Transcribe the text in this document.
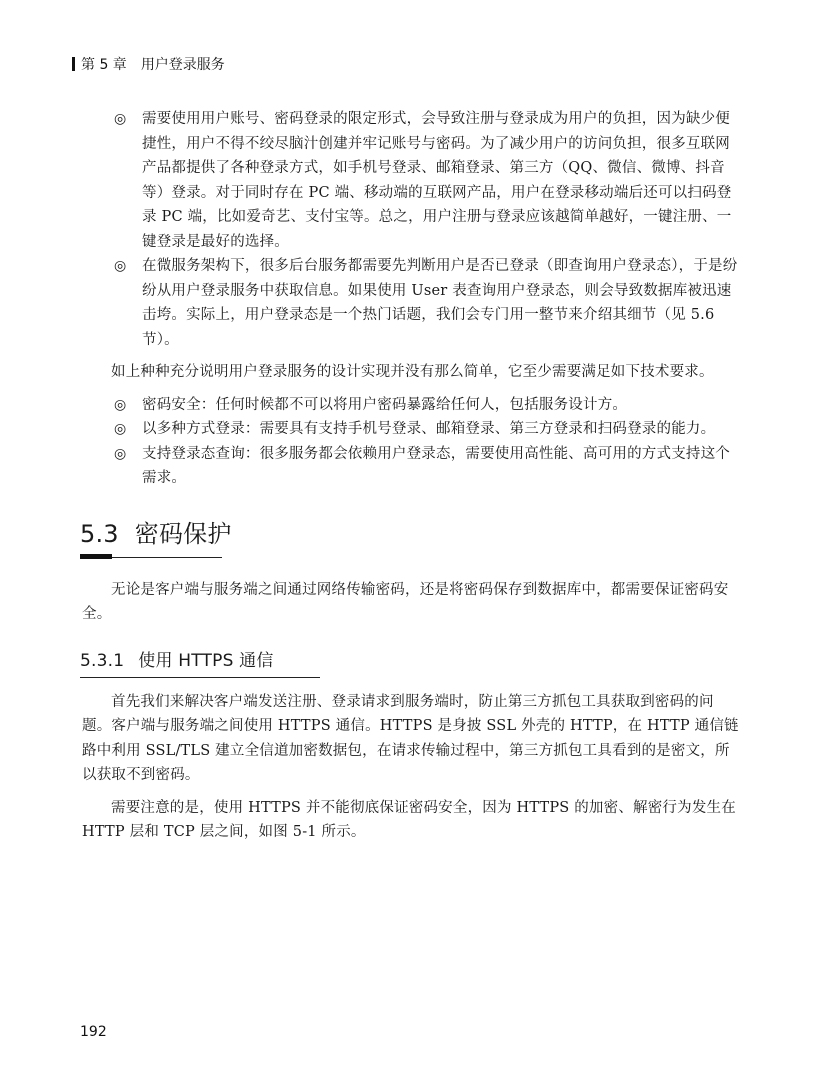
第 5 章 用户登录服务

◎ 需要使用用户账号、密码登录的限定形式，会导致注册与登录成为用户的负担，因为缺少便捷性，用户不得不绞尽脑汁创建并牢记账号与密码。为了减少用户的访问负担，很多互联网产品都提供了各种登录方式，如手机号登录、邮箱登录、第三方（QQ、微信、微博、抖音等）登录。对于同时存在 PC 端、移动端的互联网产品，用户在登录移动端后还可以扫码登录 PC 端，比如爱奇艺、支付宝等。总之，用户注册与登录应该越简单越好，一键注册、一键登录是最好的选择。

◎ 在微服务架构下，很多后台服务都需要先判断用户是否已登录（即查询用户登录态），于是纷纷从用户登录服务中获取信息。如果使用 User 表查询用户登录态，则会导致数据库被迅速击垮。实际上，用户登录态是一个热门话题，我们会专门用一整节来介绍其细节（见 5.6 节）。

如上种种充分说明用户登录服务的设计实现并没有那么简单，它至少需要满足如下技术要求。

◎ 密码安全：任何时候都不可以将用户密码暴露给任何人，包括服务设计方。

◎ 以多种方式登录：需要具有支持手机号登录、邮箱登录、第三方登录和扫码登录的能力。

◎ 支持登录态查询：很多服务都会依赖用户登录态，需要使用高性能、高可用的方式支持这个需求。

5.3 密码保护

无论是客户端与服务端之间通过网络传输密码，还是将密码保存到数据库中，都需要保证密码安全。

5.3.1 使用 HTTPS 通信

首先我们来解决客户端发送注册、登录请求到服务端时，防止第三方抓包工具获取到密码的问题。客户端与服务端之间使用 HTTPS 通信。HTTPS 是身披 SSL 外壳的 HTTP，在 HTTP 通信链路中利用 SSL/TLS 建立全信道加密数据包，在请求传输过程中，第三方抓包工具看到的是密文，所以获取不到密码。

需要注意的是，使用 HTTPS 并不能彻底保证密码安全，因为 HTTPS 的加密、解密行为发生在 HTTP 层和 TCP 层之间，如图 5-1 所示。

192
